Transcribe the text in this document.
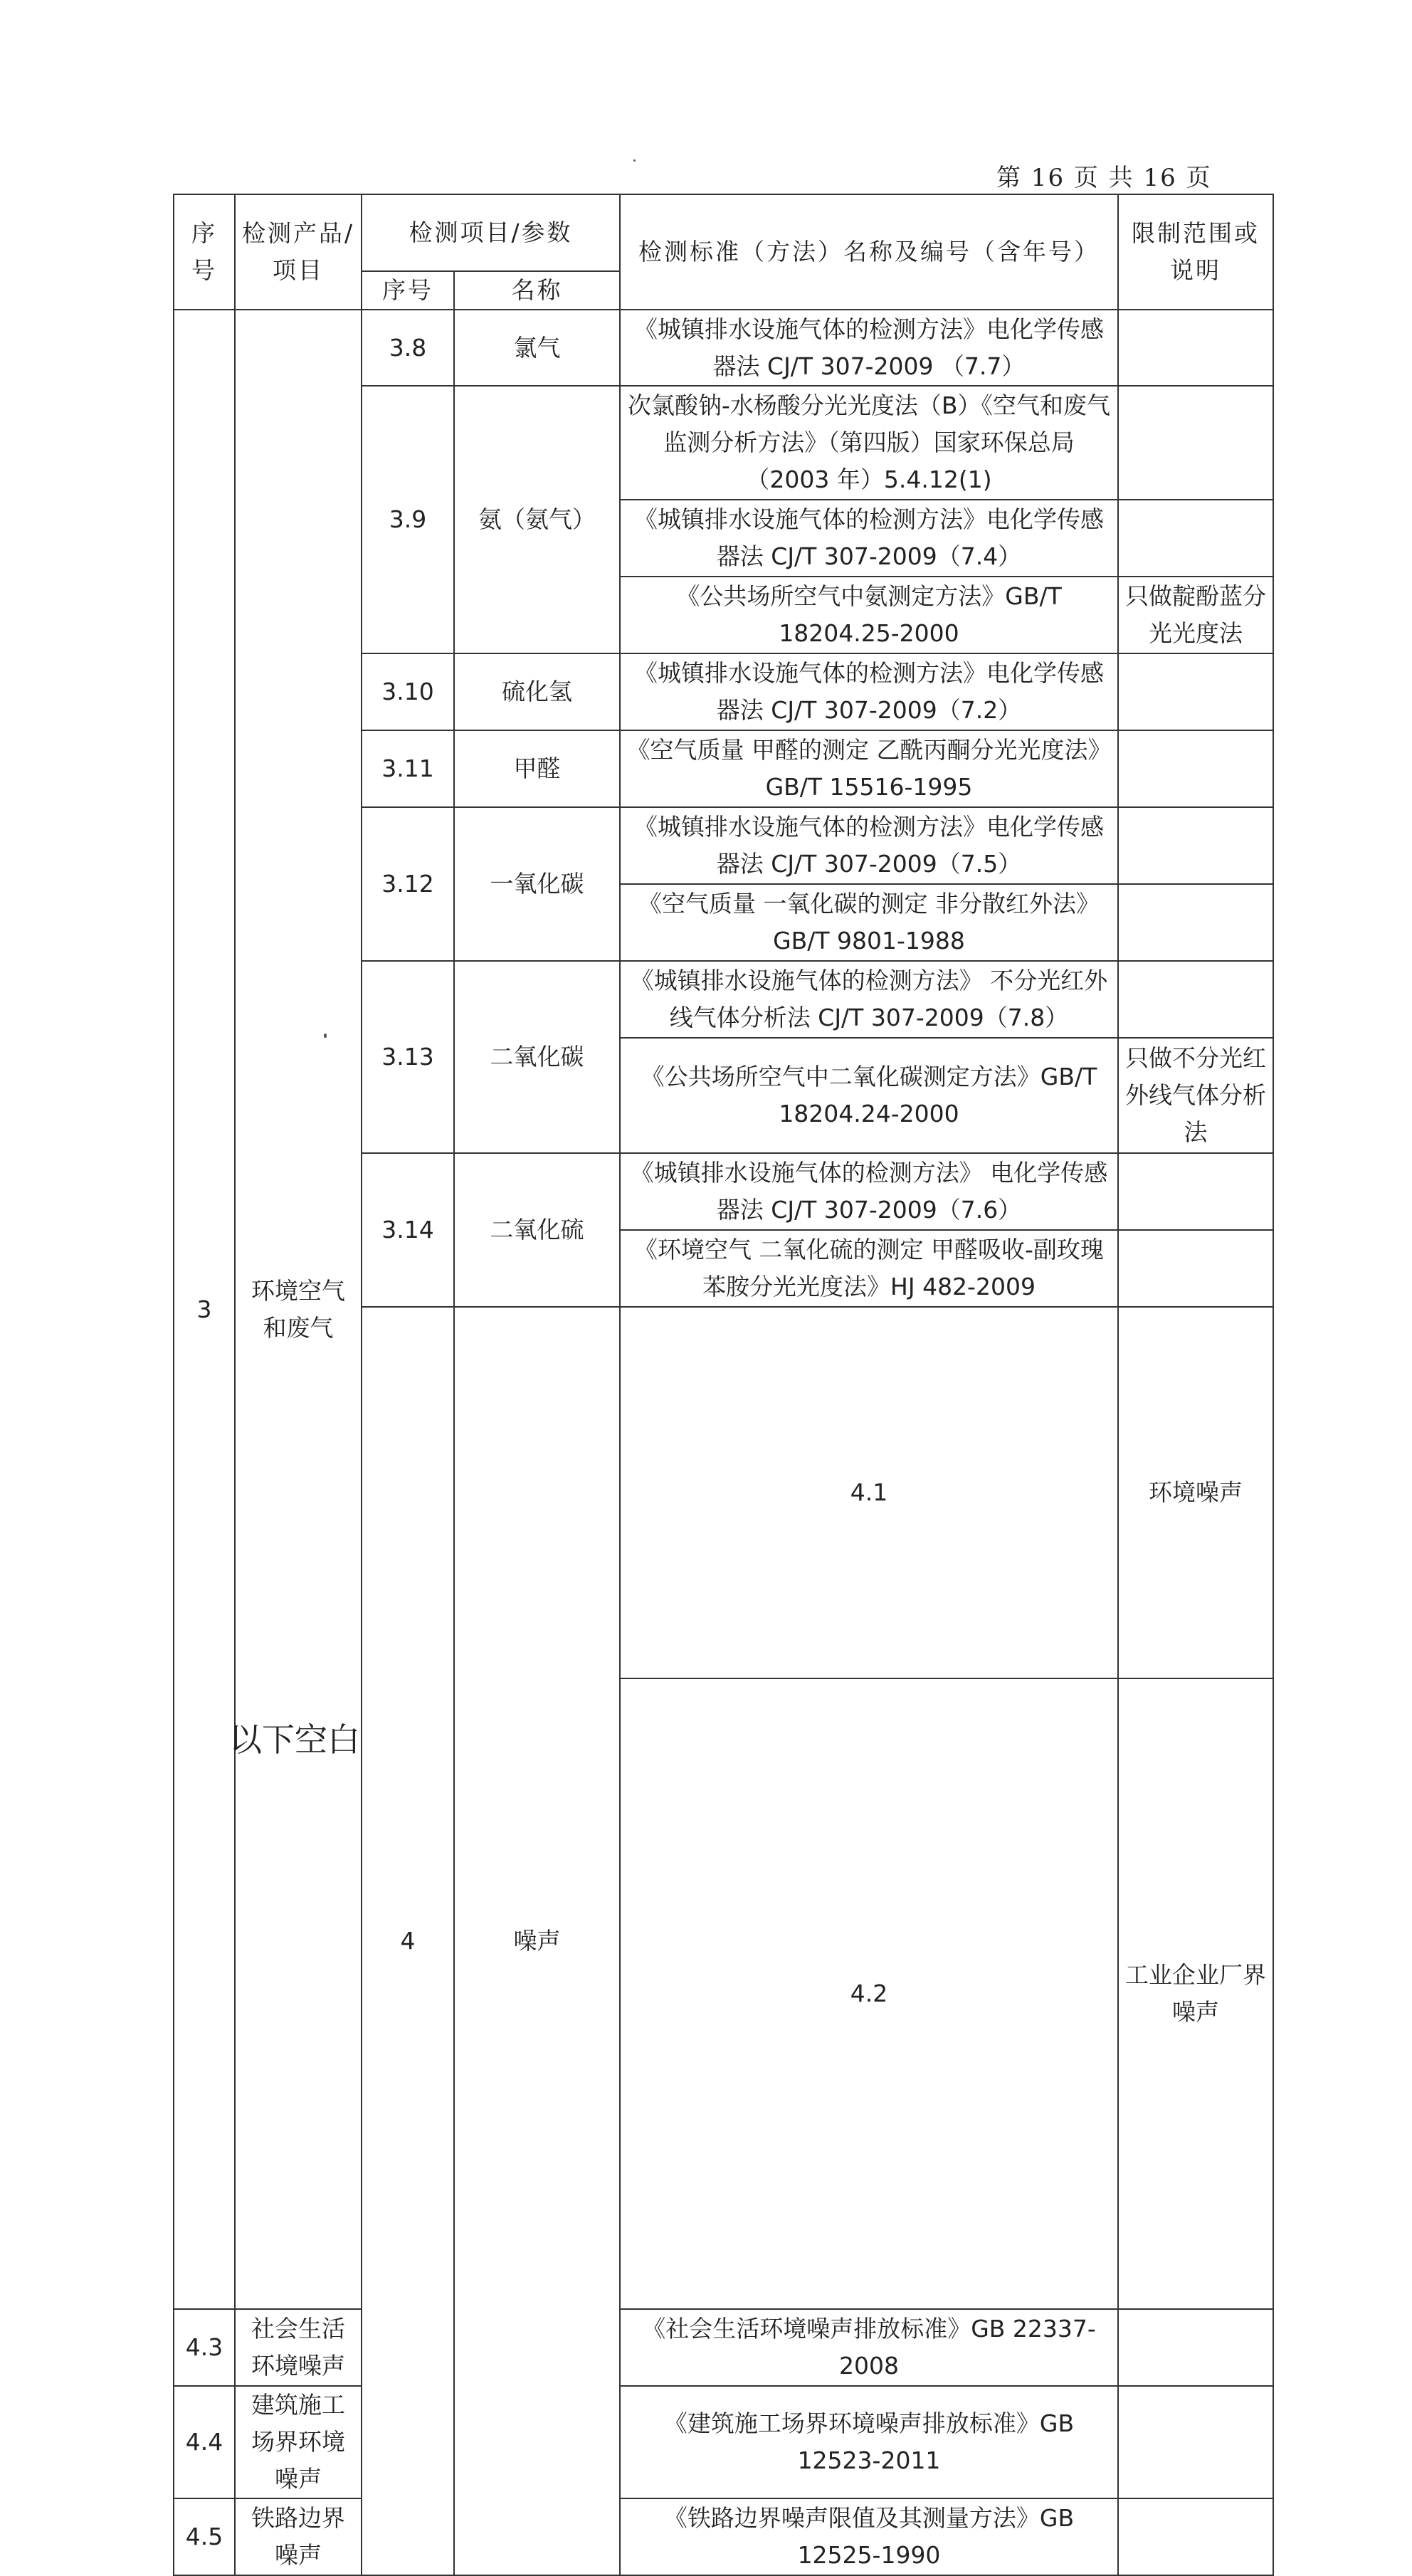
第 16 页 共 16 页
序号	检测产品/项目	检测项目/参数		检测标准（方法）名称及编号（含年号）	限制范围或说明	
		序号	名称			
3	环境空气和废气	3.8	氯气	《城镇排水设施气体的检测方法》电化学传感器法 CJ/T 307-2009 （7.7）		
		3.9	氨（氨气）	次氯酸钠-水杨酸分光光度法（B）《空气和废气监测分析方法》（第四版）国家环保总局（2003 年）5.4.12(1)		
				《城镇排水设施气体的检测方法》电化学传感器法 CJ/T 307-2009（7.4）		
				《公共场所空气中氨测定方法》GB/T 18204.25-2000	只做靛酚蓝分光光度法	
		3.10	硫化氢	《城镇排水设施气体的检测方法》电化学传感器法 CJ/T 307-2009（7.2）		
		3.11	甲醛	《空气质量 甲醛的测定 乙酰丙酮分光光度法》GB/T 15516-1995		
		3.12	一氧化碳	《城镇排水设施气体的检测方法》电化学传感器法 CJ/T 307-2009（7.5）		
				《空气质量 一氧化碳的测定 非分散红外法》GB/T 9801-1988		
		3.13	二氧化碳	《城镇排水设施气体的检测方法》 不分光红外线气体分析法 CJ/T 307-2009（7.8）		
				《公共场所空气中二氧化碳测定方法》GB/T 18204.24-2000	只做不分光红外线气体分析法	
		3.14	二氧化硫	《城镇排水设施气体的检测方法》 电化学传感器法 CJ/T 307-2009（7.6）		
				《环境空气 二氧化硫的测定 甲醛吸收-副玫瑰苯胺分光光度法》HJ 482-2009		
		4	噪声	4.1	环境噪声		
				4.2	工业企业厂界噪声		
4.3	社会生活环境噪声			《社会生活环境噪声排放标准》GB 22337-2008		
4.4	建筑施工场界环境噪声			《建筑施工场界环境噪声排放标准》GB 12523-2011		
4.5	铁路边界噪声			《铁路边界噪声限值及其测量方法》GB 12525-1990		
以下空白
